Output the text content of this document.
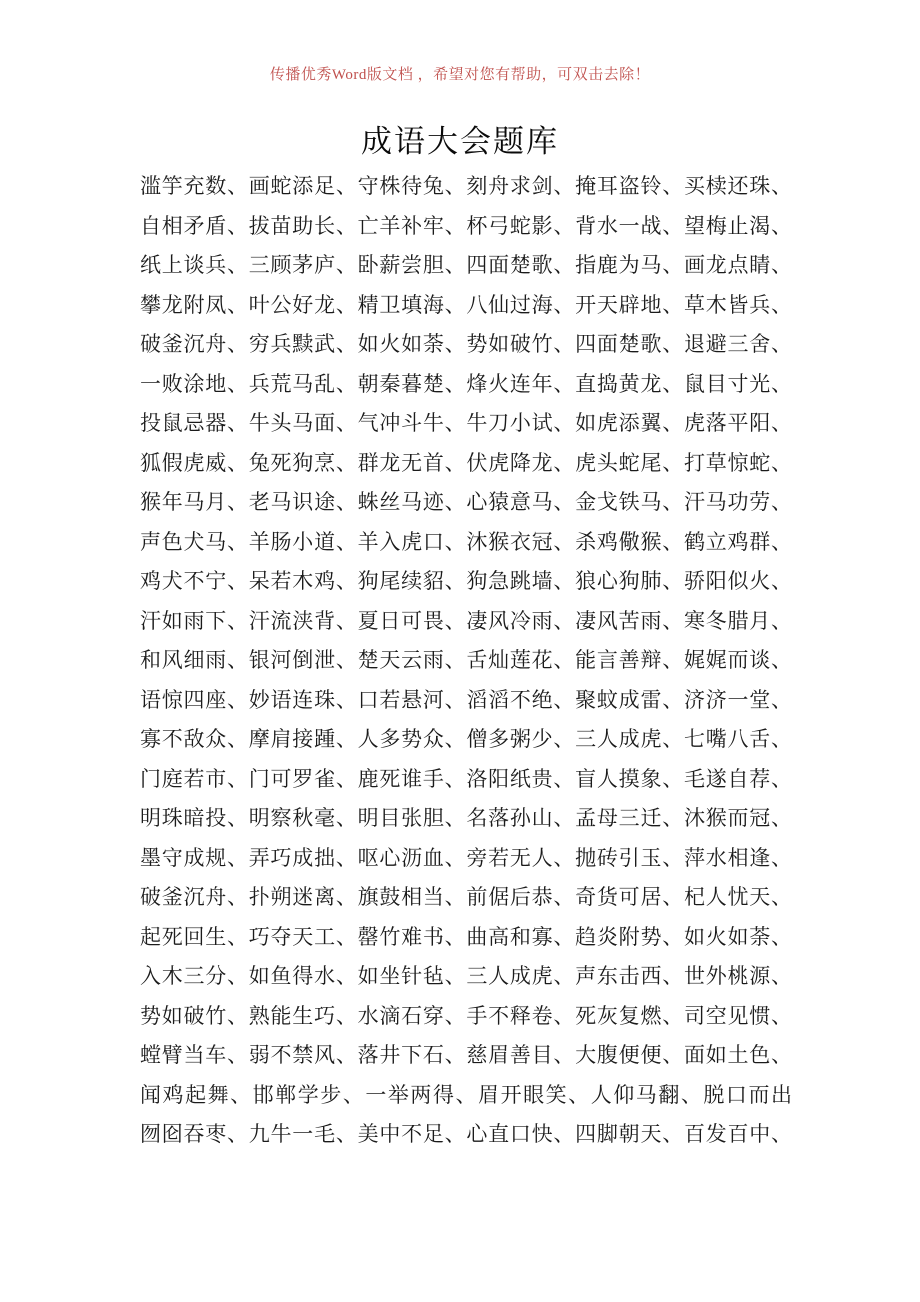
传播优秀Word版文档 ，希望对您有帮助，可双击去除！
成语大会题库
滥竽充数、画蛇添足、守株待兔、刻舟求剑、掩耳盗铃、买椟还珠、
自相矛盾、拔苗助长、亡羊补牢、杯弓蛇影、背水一战、望梅止渴、
纸上谈兵、三顾茅庐、卧薪尝胆、四面楚歌、指鹿为马、画龙点睛、
攀龙附凤、叶公好龙、精卫填海、八仙过海、开天辟地、草木皆兵、
破釜沉舟、穷兵黩武、如火如荼、势如破竹、四面楚歌、退避三舍、
一败涂地、兵荒马乱、朝秦暮楚、烽火连年、直捣黄龙、鼠目寸光、
投鼠忌器、牛头马面、气冲斗牛、牛刀小试、如虎添翼、虎落平阳、
狐假虎威、兔死狗烹、群龙无首、伏虎降龙、虎头蛇尾、打草惊蛇、
猴年马月、老马识途、蛛丝马迹、心猿意马、金戈铁马、汗马功劳、
声色犬马、羊肠小道、羊入虎口、沐猴衣冠、杀鸡儆猴、鹤立鸡群、
鸡犬不宁、呆若木鸡、狗尾续貂、狗急跳墙、狼心狗肺、骄阳似火、
汗如雨下、汗流浃背、夏日可畏、凄风冷雨、凄风苦雨、寒冬腊月、
和风细雨、银河倒泄、楚天云雨、舌灿莲花、能言善辩、娓娓而谈、
语惊四座、妙语连珠、口若悬河、滔滔不绝、聚蚊成雷、济济一堂、
寡不敌众、摩肩接踵、人多势众、僧多粥少、三人成虎、七嘴八舌、
门庭若市、门可罗雀、鹿死谁手、洛阳纸贵、盲人摸象、毛遂自荐、
明珠暗投、明察秋毫、明目张胆、名落孙山、孟母三迁、沐猴而冠、
墨守成规、弄巧成拙、呕心沥血、旁若无人、抛砖引玉、萍水相逢、
破釜沉舟、扑朔迷离、旗鼓相当、前倨后恭、奇货可居、杞人忧天、
起死回生、巧夺天工、罄竹难书、曲高和寡、趋炎附势、如火如荼、
入木三分、如鱼得水、如坐针毡、三人成虎、声东击西、世外桃源、
势如破竹、熟能生巧、水滴石穿、手不释卷、死灰复燃、司空见惯、
螳臂当车、弱不禁风、落井下石、慈眉善目、大腹便便、面如土色、
闻鸡起舞、邯郸学步、一举两得、眉开眼笑、人仰马翻、脱口而出
囫囵吞枣、九牛一毛、美中不足、心直口快、四脚朝天、百发百中、
